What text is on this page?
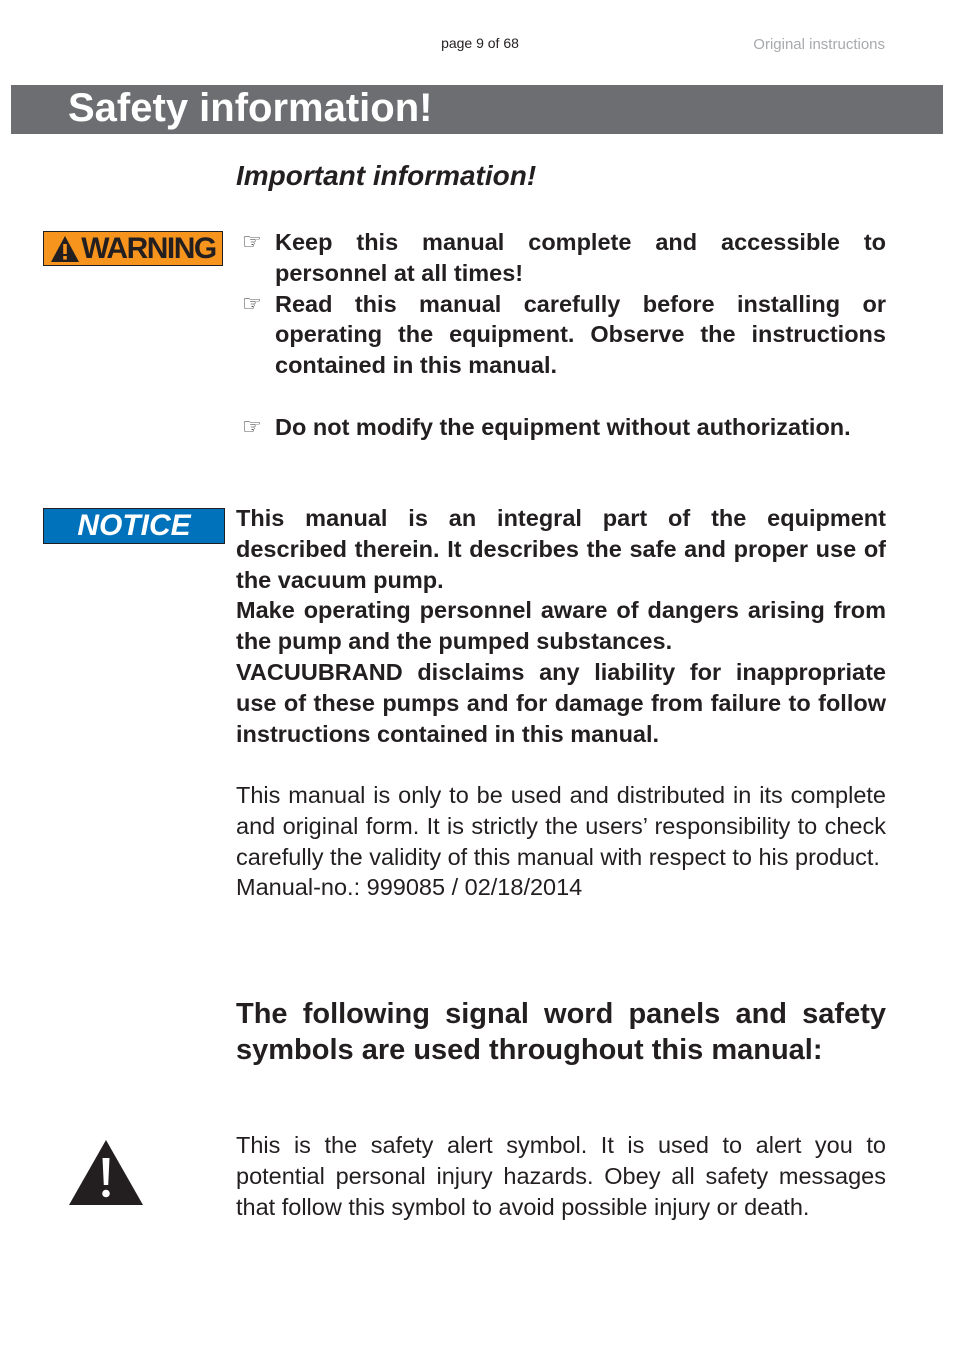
page 9 of 68	Original instructions
Safety information!
Important information!
WARNING ☞ Keep this manual complete and accessible to personnel at all times!
☞ Read this manual carefully before installing or operating the equipment. Observe the instructions contained in this manual.
☞ Do not modify the equipment without authorization.
NOTICE This manual is an integral part of the equipment described therein. It describes the safe and proper use of the vacuum pump.

Make operating personnel aware of dangers arising from the pump and the pumped substances.

VACUUBRAND disclaims any liability for inappropriate use of these pumps and for damage from failure to follow instructions contained in this manual.

This manual is only to be used and distributed in its complete and original form. It is strictly the users’ responsibility to check carefully the validity of this manual with respect to his product.

Manual-no.: 999085 / 02/18/2014

The following signal word panels and safety symbols are used throughout this manual:
This is the safety alert symbol. It is used to alert you to potential personal injury hazards. Obey all safety messages that follow this symbol to avoid possible injury or death.
